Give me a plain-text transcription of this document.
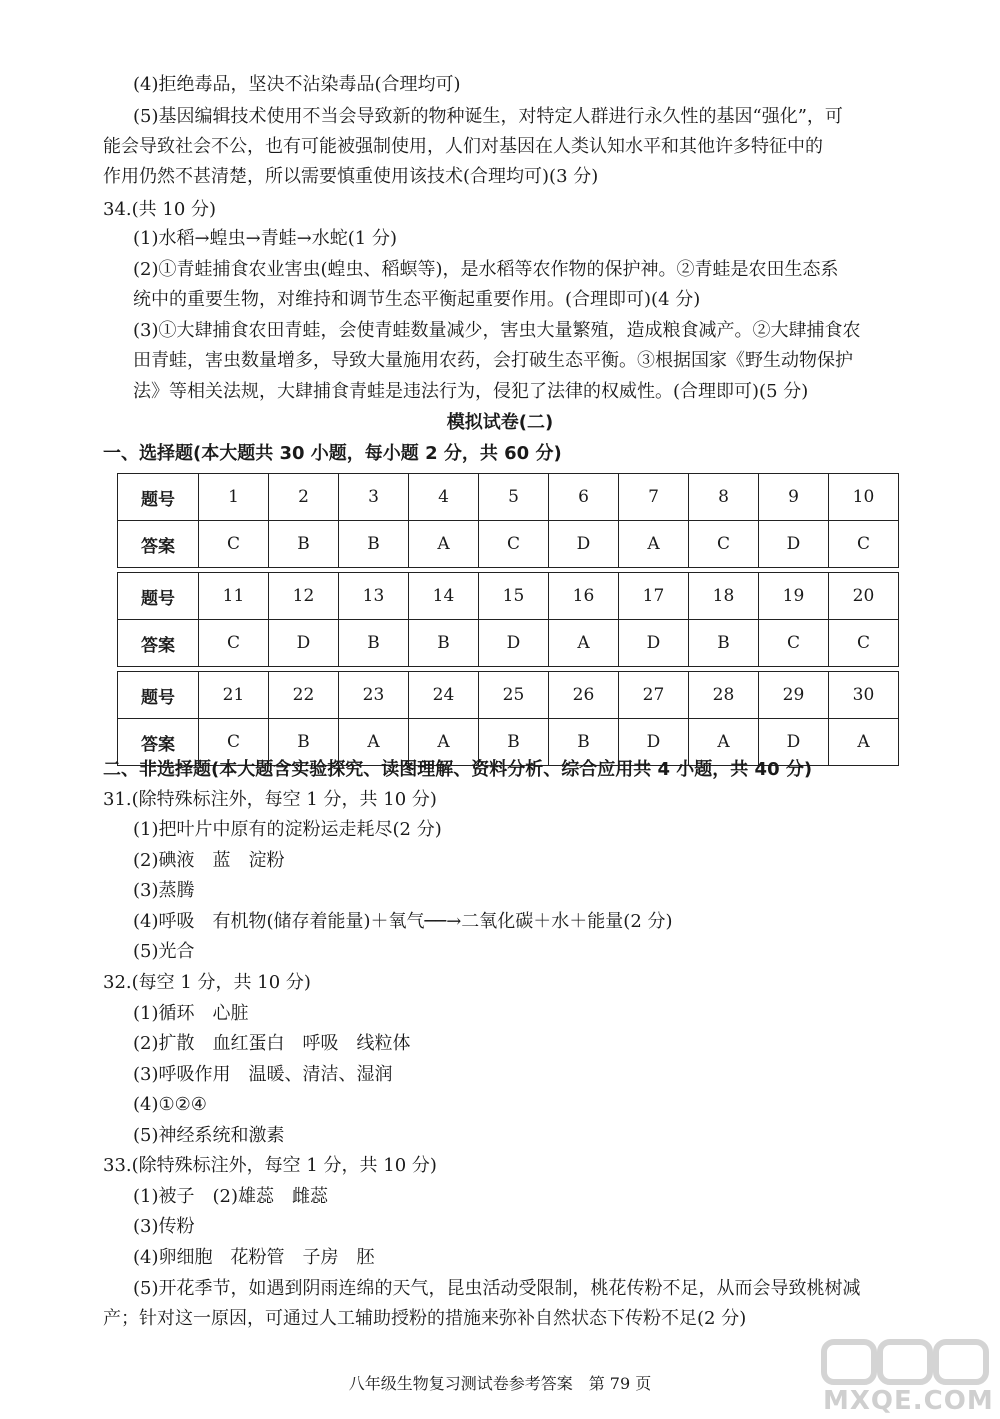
(4)拒绝毒品，坚决不沾染毒品(合理均可)
(5)基因编辑技术使用不当会导致新的物种诞生，对特定人群进行永久性的基因“强化”，可
能会导致社会不公，也有可能被强制使用，人们对基因在人类认知水平和其他许多特征中的
作用仍然不甚清楚，所以需要慎重使用该技术(合理均可)(3 分)
34.(共 10 分)
(1)水稻→蝗虫→青蛙→水蛇(1 分)
(2)①青蛙捕食农业害虫(蝗虫、稻螟等)，是水稻等农作物的保护神。②青蛙是农田生态系
统中的重要生物，对维持和调节生态平衡起重要作用。(合理即可)(4 分)
(3)①大肆捕食农田青蛙，会使青蛙数量减少，害虫大量繁殖，造成粮食减产。②大肆捕食农
田青蛙，害虫数量增多，导致大量施用农药，会打破生态平衡。③根据国家《野生动物保护
法》等相关法规，大肆捕食青蛙是违法行为，侵犯了法律的权威性。(合理即可)(5 分)
模拟试卷(二)
一、选择题(本大题共 30 小题，每小题 2 分，共 60 分)
题号	1	2	3	4	5	6	7	8	9	10
答案	C	B	B	A	C	D	A	C	D	C

题号	11	12	13	14	15	16	17	18	19	20
答案	C	D	B	B	D	A	D	B	C	C

题号	21	22	23	24	25	26	27	28	29	30
答案	C	B	A	A	B	B	D	A	D	A
二、非选择题(本大题含实验探究、读图理解、资料分析、综合应用共 4 小题，共 40 分)
31.(除特殊标注外，每空 1 分，共 10 分)
(1)把叶片中原有的淀粉运走耗尽(2 分)
(2)碘液　蓝　淀粉
(3)蒸腾
(4)呼吸　有机物(储存着能量)＋氧气──→二氧化碳＋水＋能量(2 分)
(5)光合
32.(每空 1 分，共 10 分)
(1)循环　心脏
(2)扩散　血红蛋白　呼吸　线粒体
(3)呼吸作用　温暖、清洁、湿润
(4)①②④
(5)神经系统和激素
33.(除特殊标注外，每空 1 分，共 10 分)
(1)被子　(2)雄蕊　雌蕊
(3)传粉
(4)卵细胞　花粉管　子房　胚
(5)开花季节，如遇到阴雨连绵的天气，昆虫活动受限制，桃花传粉不足，从而会导致桃树减
产；针对这一原因，可通过人工辅助授粉的措施来弥补自然状态下传粉不足(2 分)
八年级生物复习测试卷参考答案　第 79 页
MXQE.COM
